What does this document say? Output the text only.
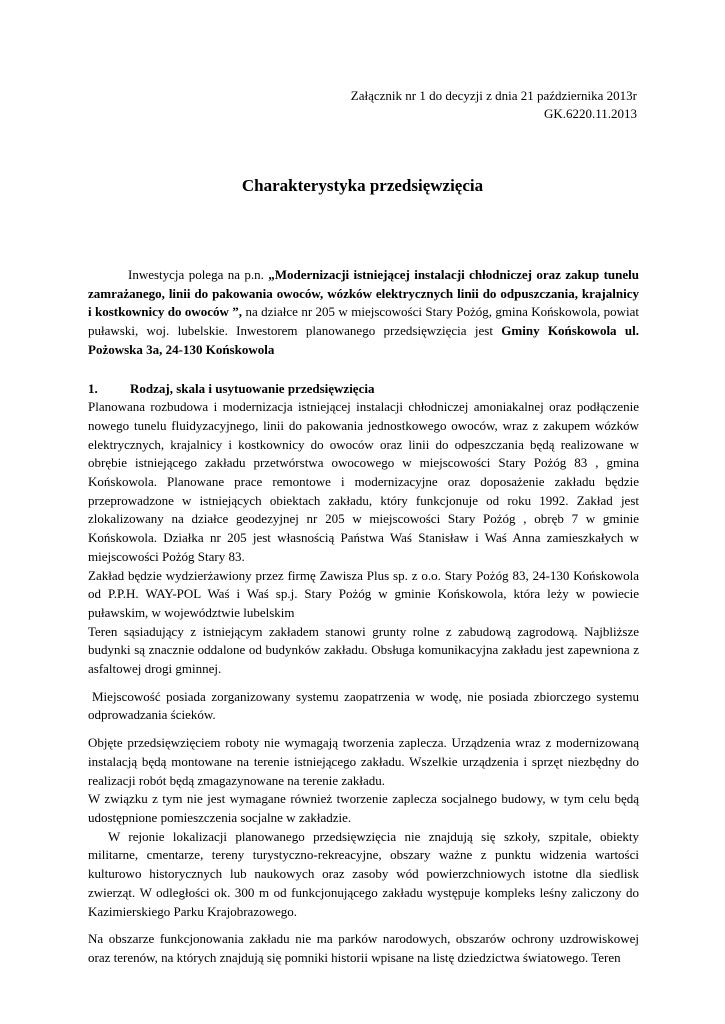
Załącznik nr 1 do decyzji z dnia 21 października 2013r
GK.6220.11.2013
Charakterystyka przedsięwzięcia

Inwestycja polega na p.n. „Modernizacji istniejącej instalacji chłodniczej oraz zakup tunelu zamrażanego, linii do pakowania owoców, wózków elektrycznych linii do odpuszczania, krajalnicy i kostkownicy do owoców ”, na działce nr 205 w miejscowości Stary Pożóg, gmina Końskowola, powiat puławski, woj. lubelskie. Inwestorem planowanego przedsięwzięcia jest Gminy Końskowola ul. Pożowska 3a, 24-130 Końskowola

1. Rodzaj, skala i usytuowanie przedsięwzięcia

Planowana rozbudowa i modernizacja istniejącej instalacji chłodniczej amoniakalnej oraz podłączenie nowego tunelu fluidyzacyjnego, linii do pakowania jednostkowego owoców, wraz z zakupem wózków elektrycznych, krajalnicy i kostkownicy do owoców oraz linii do odpeszczania będą realizowane w obrębie istniejącego zakładu przetwórstwa owocowego w miejscowości Stary Pożóg 83 , gmina Końskowola. Planowane prace remontowe i modernizacyjne oraz doposażenie zakładu będzie przeprowadzone w istniejących obiektach zakładu, który funkcjonuje od roku 1992. Zakład jest zlokalizowany na działce geodezyjnej nr 205 w miejscowości Stary Pożóg , obręb 7 w gminie Końskowola. Działka nr 205 jest własnością Państwa Waś Stanisław i Waś Anna zamieszkałych w miejscowości Pożóg Stary 83.

Zakład będzie wydzierżawiony przez firmę Zawisza Plus sp. z o.o. Stary Pożóg 83, 24-130 Końskowola od P.P.H. WAY-POL Waś i Waś sp.j. Stary Pożóg w gminie Końskowola, która leży w powiecie puławskim, w województwie lubelskim

Teren sąsiadujący z istniejącym zakładem stanowi grunty rolne z zabudową zagrodową. Najbliższe budynki są znacznie oddalone od budynków zakładu. Obsługa komunikacyjna zakładu jest zapewniona z asfaltowej drogi gminnej.

Miejscowość posiada zorganizowany systemu zaopatrzenia w wodę, nie posiada zbiorczego systemu odprowadzania ścieków.

Objęte przedsięwzięciem roboty nie wymagają tworzenia zaplecza. Urządzenia wraz z modernizowaną instalacją będą montowane na terenie istniejącego zakładu. Wszelkie urządzenia i sprzęt niezbędny do realizacji robót będą zmagazynowane na terenie zakładu.

W związku z tym nie jest wymagane również tworzenie zaplecza socjalnego budowy, w tym celu będą udostępnione pomieszczenia socjalne w zakładzie.

W rejonie lokalizacji planowanego przedsięwzięcia nie znajdują się szkoły, szpitale, obiekty militarne, cmentarze, tereny turystyczno-rekreacyjne, obszary ważne z punktu widzenia wartości kulturowo historycznych lub naukowych oraz zasoby wód powierzchniowych istotne dla siedlisk zwierząt. W odległości ok. 300 m od funkcjonującego zakładu występuje kompleks leśny zaliczony do Kazimierskiego Parku Krajobrazowego.

Na obszarze funkcjonowania zakładu nie ma parków narodowych, obszarów ochrony uzdrowiskowej oraz terenów, na których znajdują się pomniki historii wpisane na listę dziedzictwa światowego. Teren
